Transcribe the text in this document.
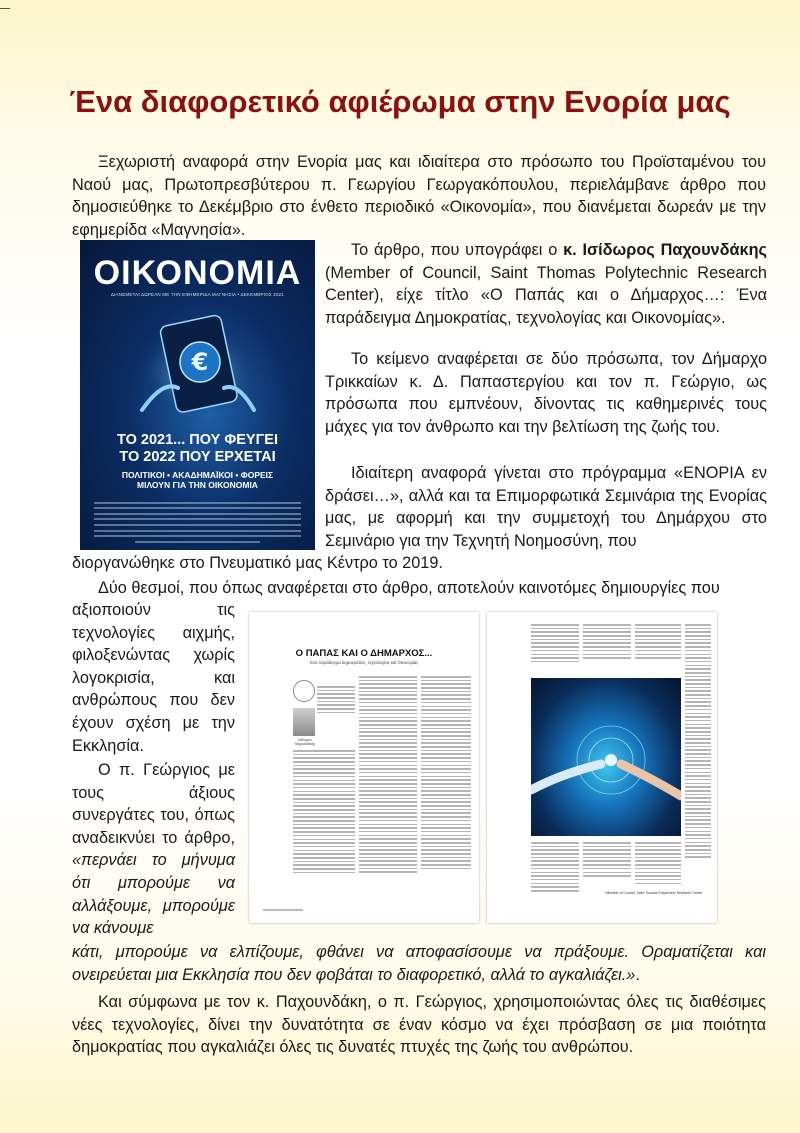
Ένα διαφορετικό αφιέρωμα στην Ενορία μας

Ξεχωριστή αναφορά στην Ενορία μας και ιδιαίτερα στο πρόσωπο του Προϊσταμένου του Ναού μας, Πρωτοπρεσβύτερου π. Γεωργίου Γεωργακόπουλου, περιελάμβανε άρθρο που δημοσιεύθηκε το Δεκέμβριο στο ένθετο περιοδικό «Οικονομία», που διανέμεται δωρεάν με την εφημερίδα «Μαγνησία».

ΟΙΚΟΝΟΜΙΑ
ΔΙΑΝΕΜΕΤΑΙ ΔΩΡΕΑΝ ΜΕ ΤΗΝ ΕΦΗΜΕΡΙΔΑ ΜΑΓΝΗΣΙΑ • ΔΕΚΕΜΒΡΙΟΣ 2021
€
ΤΟ 2021... ΠΟΥ ΦΕΥΓΕΙ
ΤΟ 2022 ΠΟΥ ΕΡΧΕΤΑΙ
ΠΟΛΙΤΙΚΟΙ • ΑΚΑΔΗΜΑΪΚΟΙ • ΦΟΡΕΙΣ
ΜΙΛΟΥΝ ΓΙΑ ΤΗΝ ΟΙΚΟΝΟΜΙΑ

Το άρθρο, που υπογράφει ο κ. Ισίδωρος Παχουνδάκης (Member of Council, Saint Thomas Polytechnic Research Center), είχε τίτλο «Ο Παπάς και ο Δήμαρχος…: Ένα παράδειγμα Δημοκρατίας, τεχνολογίας και Οικονομίας».

Το κείμενο αναφέρεται σε δύο πρόσωπα, τον Δήμαρχο Τρικκαίων κ. Δ. Παπαστεργίου και τον π. Γεώργιο, ως πρόσωπα που εμπνέουν, δίνοντας τις καθημερινές τους μάχες για τον άνθρωπο και την βελτίωση της ζωής του.

Ιδιαίτερη αναφορά γίνεται στο πρόγραμμα «ΕΝΟΡΙΑ εν δράσει…», αλλά και τα Επιμορφωτικά Σεμινάρια της Ενορίας μας, με αφορμή και την συμμετοχή του Δημάρχου στο Σεμινάριο για την Τεχνητή Νοημοσύνη, που

διοργανώθηκε στο Πνευματικό μας Κέντρο το 2019.

Δύο θεσμοί, που όπως αναφέρεται στο άρθρο, αποτελούν καινοτόμες δημιουργίες που

αξιοποιούν τις τεχνολογίες αιχμής, φιλοξενώντας χωρίς λογοκρισία, και ανθρώπους που δεν έχουν σχέση με την Εκκλησία.

Ο π. Γεώργιος με τους άξιους συνεργάτες του, όπως αναδεικνύει το άρθρο, «περνάει το μήνυμα ότι μπορούμε να αλλάξουμε, μπορούμε να κάνουμε

κάτι, μπορούμε να ελπίζουμε, φθάνει να αποφασίσουμε να πράξουμε. Οραματίζεται και ονειρεύεται μια Εκκλησία που δεν φοβάται το διαφορετικό, αλλά το αγκαλιάζει.».

Και σύμφωνα με τον κ. Παχουνδάκη, ο π. Γεώργιος, χρησιμοποιώντας όλες τις διαθέσιμες νέες τεχνολογίες, δίνει την δυνατότητα σε έναν κόσμο να έχει πρόσβαση σε μια ποιότητα δημοκρατίας που αγκαλιάζει όλες τις δυνατές πτυχές της ζωής του ανθρώπου.

Ο ΠΑΠΑΣ ΚΑΙ Ο ΔΗΜΑΡΧΟΣ...
Ένα παράδειγμα Δημοκρατίας, τεχνολογίας και Οικονομίας
Ισίδωρος Παχουνδάκης
*Member of Council, Saint Thomas Polytechnic Research Center
